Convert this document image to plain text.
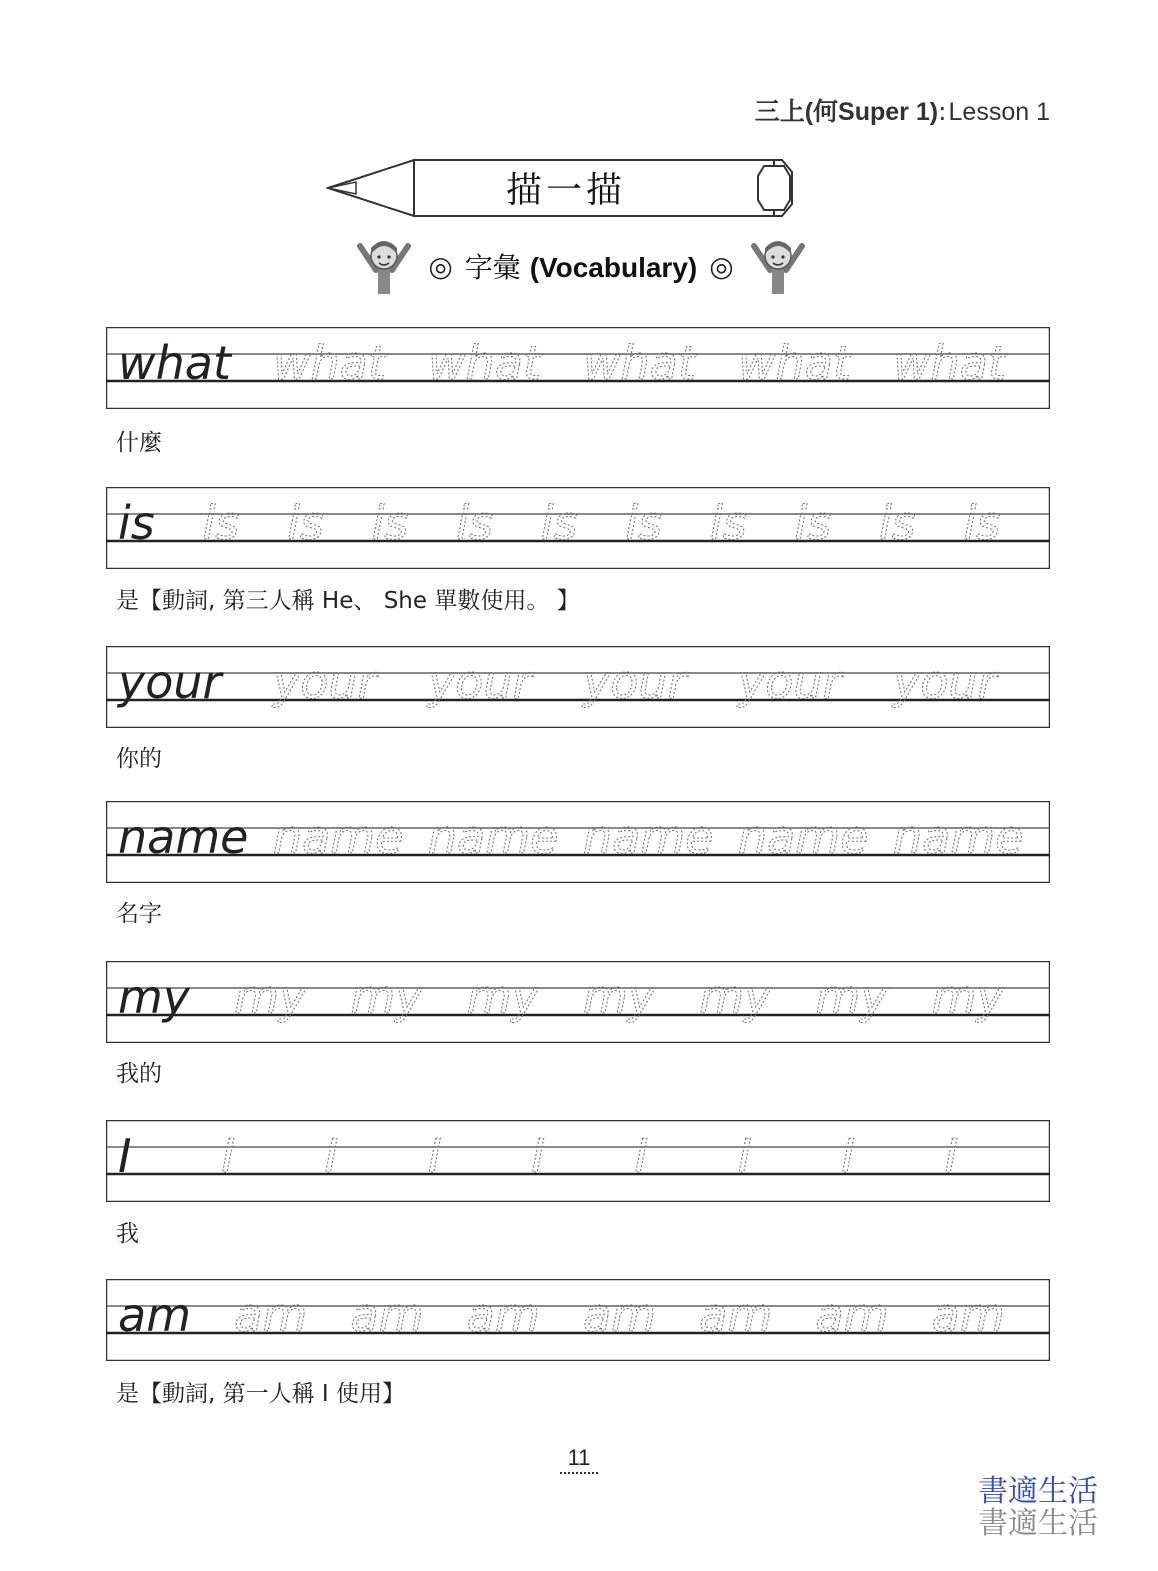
三上(何Super 1):Lesson 1
描一描
◎ 字彙 (Vocabulary) ◎
what what what what what what
什麼
is is is is is is is is is is is
是【動詞, 第三人稱 He、 She 單數使用。 】
your your your your your your
你的
name name name name name name
名字
my my my my my my my my
我的
I I I I I I I I I
我
am am am am am am am am
是【動詞, 第一人稱 I 使用】
11
書適生活
書適生活
